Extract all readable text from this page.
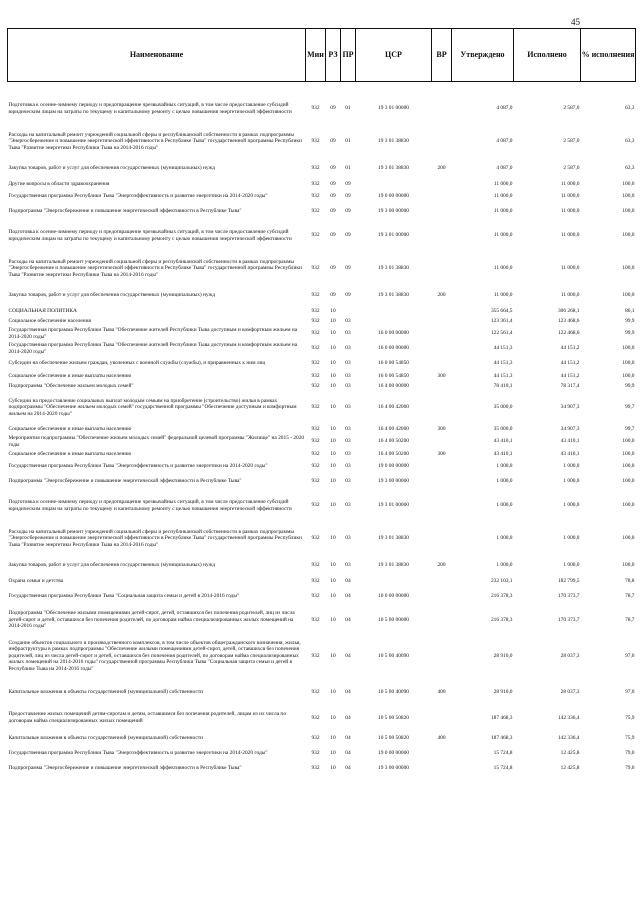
45
Наименование	Мин	РЗ	ПР	ЦСР	ВР	Утверждено	Исполнено	% исполнения

Подготовка к осенне-зимнему периоду и предотвращение чрезвычайных ситуаций, в том числе предоставление субсидий юридическим лицам на затраты по текущему и капитальному ремонту с целью повышения энергетической эффективности	932	09	01	19 3 01 00000		4 087,0	2 587,0	63,3
Расходы на капитальный ремонт учреждений социальной сферы и республиканской собственности в рамках подпрограммы "Энергосбережение и повышение энергетической эффективности в Республике Тыва" государственной программы Республики Тыва "Развитие энергетики Республики Тыва на 2014-2016 годы"	932	09	01	19 3 01 38830		4 087,0	2 587,0	63,3
Закупка товаров, работ и услуг для обеспечения государственных (муниципальных) нужд	932	09	01	19 3 01 38830	200	4 087,0	2 587,0	63,3
Другие вопросы в области здравоохранения	932	09	09			11 000,0	11 000,0	100,0
Государственная программа Республики Тыва "Энергоэффективность и развитие энергетики на 2014-2020 годы"	932	09	09	19 0 00 00000		11 000,0	11 000,0	100,0
Подпрограмма "Энергосбережение и повышение энергетической эффективности в Республике Тыва"	932	09	09	19 3 00 00000		11 000,0	11 000,0	100,0
Подготовка к осенне-зимнему периоду и предотвращение чрезвычайных ситуаций, в том числе предоставление субсидий юридическим лицам на затраты по текущему и капитальному ремонту с целью повышения энергетической эффективности	932	09	09	19 3 01 00000		11 000,0	11 000,0	100,0
Расходы на капитальный ремонт учреждений социальной сферы и республиканской собственности в рамках подпрограммы "Энергосбережение и повышение энергетической эффективности в Республике Тыва" государственной программы Республики Тыва "Развитие энергетики Республики Тыва на 2014-2016 годы"	932	09	09	19 3 01 38830		11 000,0	11 000,0	100,0
Закупка товаров, работ и услуг для обеспечения государственных (муниципальных) нужд	932	09	09	19 3 01 38830	200	11 000,0	11 000,0	100,0
СОЦИАЛЬНАЯ ПОЛИТИКА	932	10				355 664,5	306 268,1	86,1
Социальное обеспечение населения	932	10	03			123 361,4	123 468,6	99,9
Государственная программа Республики Тыва "Обеспечение жителей Республики Тыва доступным и комфортным жильем на 2014-2020 годы"	932	10	03	16 0 00 00000		122 561,4	122 468,6	99,9
Государственная программа Республики Тыва "Обеспечение жителей Республики Тыва доступным и комфортным жильем на 2014-2020 годы"	932	10	03	16 0 00 00000		44 151,3	44 151,2	100,0
Субсидии на обеспечение жильем граждан, уволенных с военной службы (службы), и приравненных к ним лиц	932	10	03	16 0 00 54850		44 151,3	44 151,2	100,0
Социальное обеспечение и иные выплаты населению	932	10	03	16 0 00 54850	300	44 151,3	44 151,2	100,0
Подпрограмма "Обеспечение жильем молодых семей"	932	10	03	16 4 00 00000		78 410,1	78 317,4	99,9
Субсидии на предоставление социальных выплат молодым семьям на приобретение (строительство) жилья в рамках подпрограммы "Обеспечение жильем молодых семей" государственной программы "Обеспечение доступным и комфортным жильем на 2014-2020 годы"	932	10	03	16 4 00 42000		35 000,0	34 907,3	99,7
Социальное обеспечение и иные выплаты населению	932	10	03	16 4 00 42000	300	35 000,0	34 907,3	99,7
Мероприятия подпрограммы "Обеспечение жильем молодых семей" федеральной целевой программы "Жилище" на 2015 - 2020 годы	932	10	03	16 4 00 50200		43 410,1	43 410,1	100,0
Социальное обеспечение и иные выплаты населению	932	10	03	16 4 00 50200	300	43 410,1	43 410,1	100,0
Государственная программа Республики Тыва "Энергоэффективность и развитие энергетики на 2014-2020 годы"	932	10	03	19 0 00 00000		1 000,0	1 000,0	100,0
Подпрограмма "Энергосбережение и повышение энергетической эффективности в Республике Тыва"	932	10	03	19 3 00 00000		1 000,0	1 000,0	100,0
Подготовка к осенне-зимнему периоду и предотвращение чрезвычайных ситуаций, в том числе предоставление субсидий юридическим лицам на затраты по текущему и капитальному ремонту с целью повышения энергетической эффективности	932	10	03	19 3 01 00000		1 000,0	1 000,0	100,0
Расходы на капитальный ремонт учреждений социальной сферы и республиканской собственности в рамках подпрограммы "Энергосбережение и повышение энергетической эффективности в Республике Тыва" государственной программы Республики Тыва "Развитие энергетики Республики Тыва на 2014-2016 годы"	932	10	03	19 3 01 38830		1 000,0	1 000,0	100,0
Закупка товаров, работ и услуг для обеспечения государственных (муниципальных) нужд	932	10	03	19 3 01 38830	200	1 000,0	1 000,0	100,0
Охрана семьи и детства	932	10	04			232 103,1	182 799,5	78,8
Государственная программа Республики Тыва "Социальная защита семьи и детей в 2014-2016 годы"	932	10	04	10 0 00 00000		216 378,3	170 373,7	78,7
Подпрограмма "Обеспечение жилыми помещениями детей-сирот, детей, оставшихся без попечения родителей, лиц из числа детей-сирот и детей, оставшихся без попечения родителей, по договорам найма специализированных жилых помещений на 2014-2016 годы"	932	10	04	10 5 00 00000		216 378,3	170 373,7	78,7
Создание объектов социального и производственного комплексов, в том числе объектов общегражданского назначения, жилья, инфраструктуры в рамках подпрограммы "Обеспечение жилыми помещениями детей-сирот, детей, оставшихся без попечения родителей, лиц из числа детей-сирот и детей, оставшихся без попечения родителей, по договорам найма специализированных жилых помещений на 2014-2016 годы" государственной программы Республики Тыва "Социальная защита семьи и детей в Республике Тыва на 2014-2016 годы"	932	10	04	10 5 00 40090		28 910,0	28 037,3	97,0
Капитальные вложения в объекты государственной (муниципальной) собственности	932	10	04	10 5 00 40090	400	28 910,0	28 037,3	97,0
Предоставление жилых помещений детям-сиротам и детям, оставшимся без попечения родителей, лицам из их числа по договорам найма специализированных жилых помещений	932	10	04	10 5 00 50820		187 468,3	142 336,4	75,9
Капитальные вложения в объекты государственной (муниципальной) собственности	932	10	04	10 5 00 50820	400	187 468,3	142 336,4	75,9
Государственная программа Республики Тыва "Энергоэффективность и развитие энергетики на 2014-2020 годы"	932	10	04	19 0 00 00000		15 724,8	12 425,8	79,0
Подпрограмма "Энергосбережение и повышение энергетической эффективности в Республике Тыва"	932	10	04	19 3 00 00000		15 724,8	12 425,8	79,0
